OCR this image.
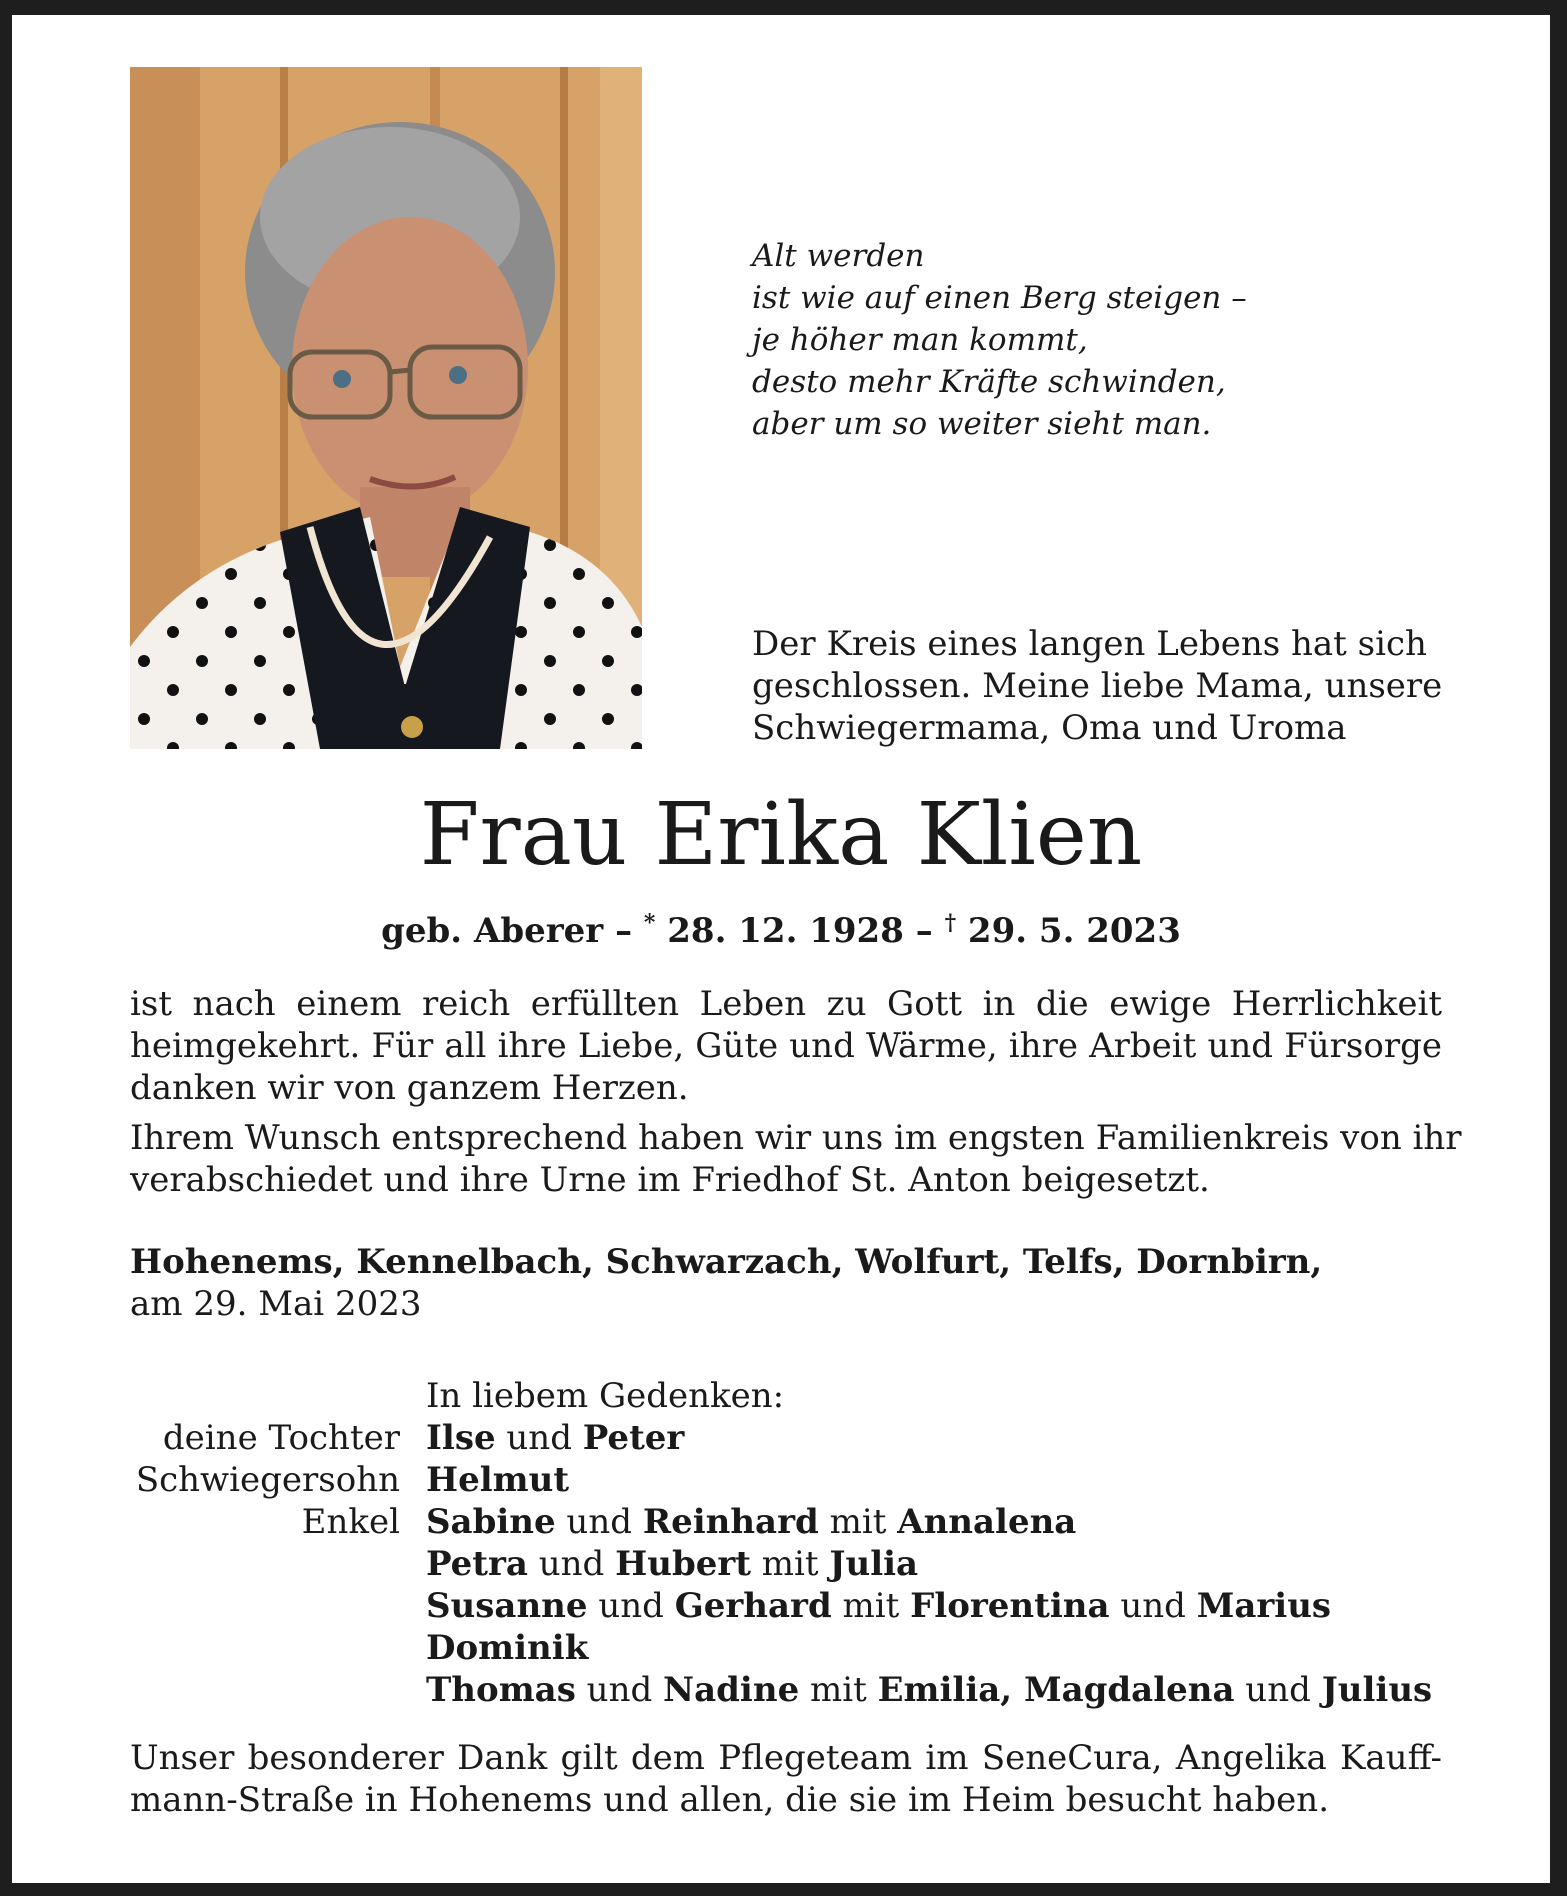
Alt werden
ist wie auf einen Berg steigen –
je höher man kommt,
desto mehr Kräfte schwinden,
aber um so weiter sieht man.
Der Kreis eines langen Lebens hat sich
geschlossen. Meine liebe Mama, unsere
Schwiegermama, Oma und Uroma
Frau Erika Klien
geb. Aberer – * 28. 12. 1928 – † 29. 5. 2023
ist nach einem reich erfüllten Leben zu Gott in die ewige Herrlichkeit
heimgekehrt. Für all ihre Liebe, Güte und Wärme, ihre Arbeit und Fürsorge
danken wir von ganzem Herzen.
Ihrem Wunsch entsprechend haben wir uns im engsten Familienkreis von ihr
verabschiedet und ihre Urne im Friedhof St. Anton beigesetzt.
Hohenems, Kennelbach, Schwarzach, Wolfurt, Telfs, Dornbirn,
am 29. Mai 2023
In liebem Gedenken:
deine Tochter Ilse und Peter
Schwiegersohn Helmut
Enkel Sabine und Reinhard mit Annalena
Petra und Hubert mit Julia
Susanne und Gerhard mit Florentina und Marius
Dominik
Thomas und Nadine mit Emilia, Magdalena und Julius
Unser besonderer Dank gilt dem Pflegeteam im SeneCura, Angelika Kauff-
mann-Straße in Hohenems und allen, die sie im Heim besucht haben.
